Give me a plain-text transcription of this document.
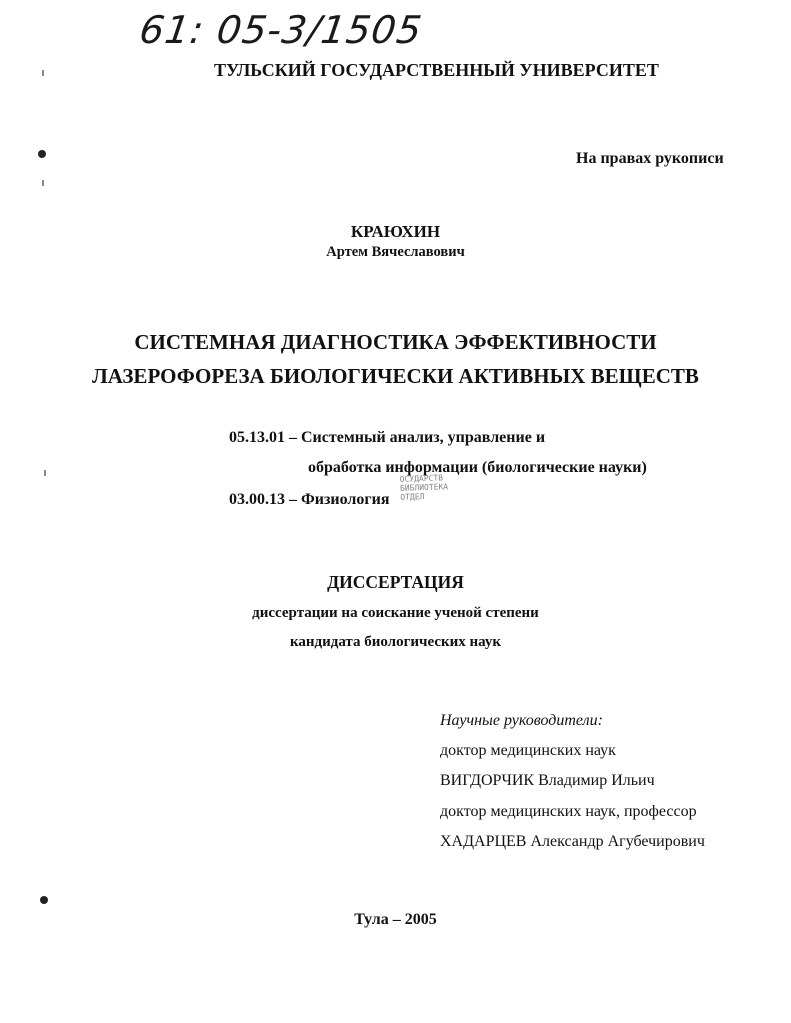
61: 05-3/1505
ТУЛЬСКИЙ ГОСУДАРСТВЕННЫЙ УНИВЕРСИТЕТ
На правах рукописи
КРАЮХИН
Артем Вячеславович
СИСТЕМНАЯ ДИАГНОСТИКА ЭФФЕКТИВНОСТИ
ЛАЗЕРОФОРЕЗА БИОЛОГИЧЕСКИ АКТИВНЫХ ВЕЩЕСТВ
05.13.01 – Системный анализ, управление и
обработка информации (биологические науки)
03.00.13 – Физиология
ОСУДАРСТВ
БИБЛИОТЕКА
ОТДЕЛ
ДИССЕРТАЦИЯ
диссертации на соискание ученой степени
кандидата биологических наук
Научные руководители:
доктор медицинских наук
ВИГДОРЧИК Владимир Ильич
доктор медицинских наук, профессор
ХАДАРЦЕВ Александр Агубечирович
Тула – 2005
